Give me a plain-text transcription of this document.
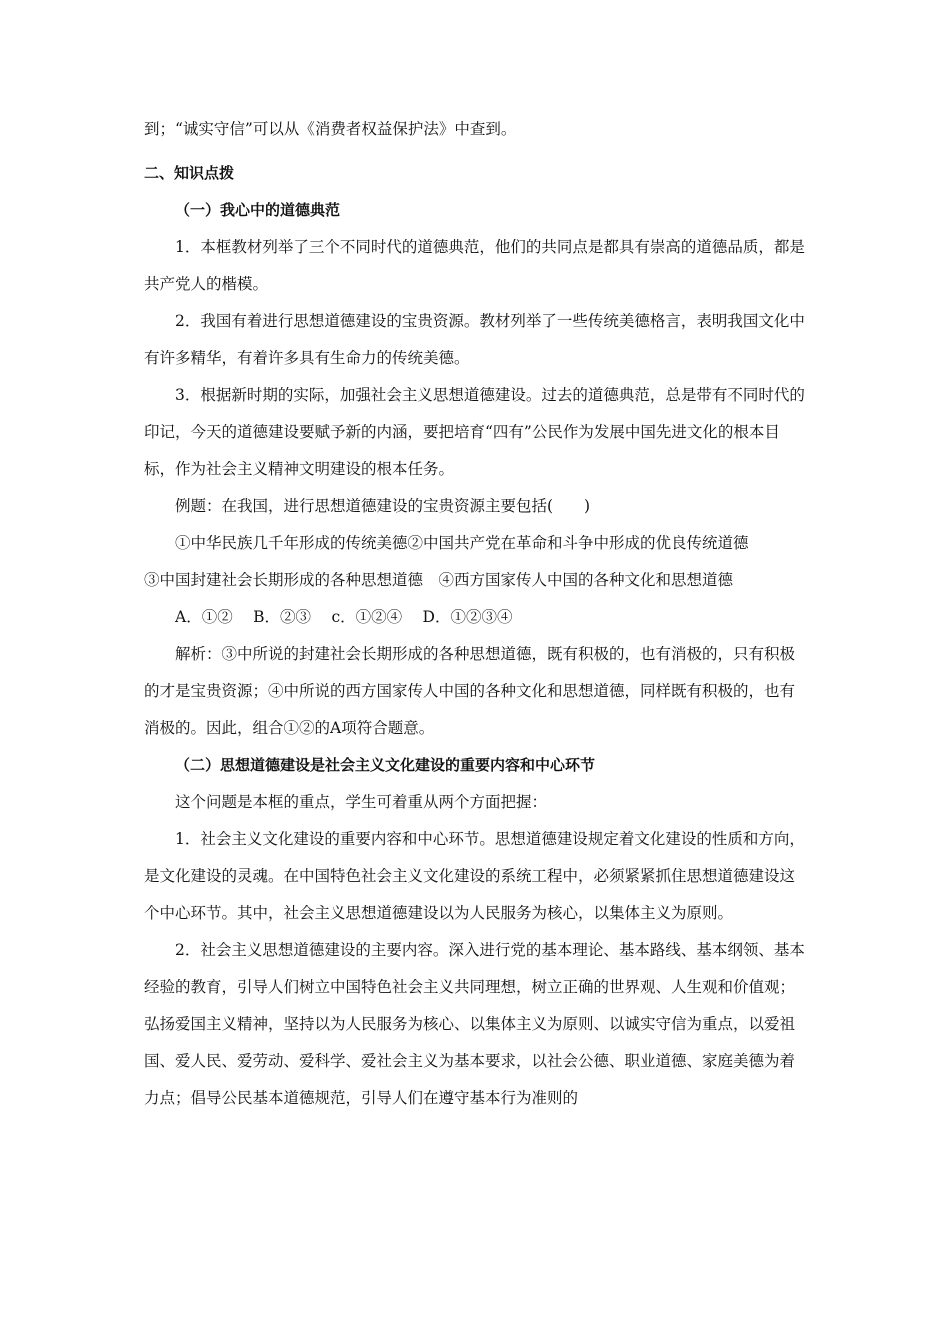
到；“诚实守信”可以从《消费者权益保护法》中查到。

二、知识点拨

（一）我心中的道德典范

1．本框教材列举了三个不同时代的道德典范，他们的共同点是都具有崇高的道德品质，都是共产党人的楷模。

2．我国有着进行思想道德建设的宝贵资源。教材列举了一些传统美德格言，表明我国文化中有许多精华，有着许多具有生命力的传统美德。

3．根据新时期的实际，加强社会主义思想道德建设。过去的道德典范，总是带有不同时代的印记，今天的道德建设要赋予新的内涵，要把培育“四有”公民作为发展中国先进文化的根本目标，作为社会主义精神文明建设的根本任务。

例题：在我国，进行思想道德建设的宝贵资源主要包括(　　)

①中华民族几千年形成的传统美德②中国共产党在革命和斗争中形成的优良传统道德

③中国封建社会长期形成的各种思想道德　④西方国家传人中国的各种文化和思想道德

A．①②　 B．②③　 c．①②④　 D．①②③④

解析：③中所说的封建社会长期形成的各种思想道德，既有积极的，也有消极的，只有积极的才是宝贵资源；④中所说的西方国家传人中国的各种文化和思想道德，同样既有积极的，也有消极的。因此，组合①②的A项符合题意。

（二）思想道德建设是社会主义文化建设的重要内容和中心环节

这个问题是本框的重点，学生可着重从两个方面把握：

1．社会主义文化建设的重要内容和中心环节。思想道德建设规定着文化建设的性质和方向，是文化建设的灵魂。在中国特色社会主义文化建设的系统工程中，必须紧紧抓住思想道德建设这个中心环节。其中，社会主义思想道德建设以为人民服务为核心，以集体主义为原则。

2．社会主义思想道德建设的主要内容。深入进行党的基本理论、基本路线、基本纲领、基本经验的教育，引导人们树立中国特色社会主义共同理想，树立正确的世界观、人生观和价值观；弘扬爱国主义精神，坚持以为人民服务为核心、以集体主义为原则、以诚实守信为重点，以爱祖国、爱人民、爱劳动、爱科学、爱社会主义为基本要求，以社会公德、职业道德、家庭美德为着力点；倡导公民基本道德规范，引导人们在遵守基本行为准则的
